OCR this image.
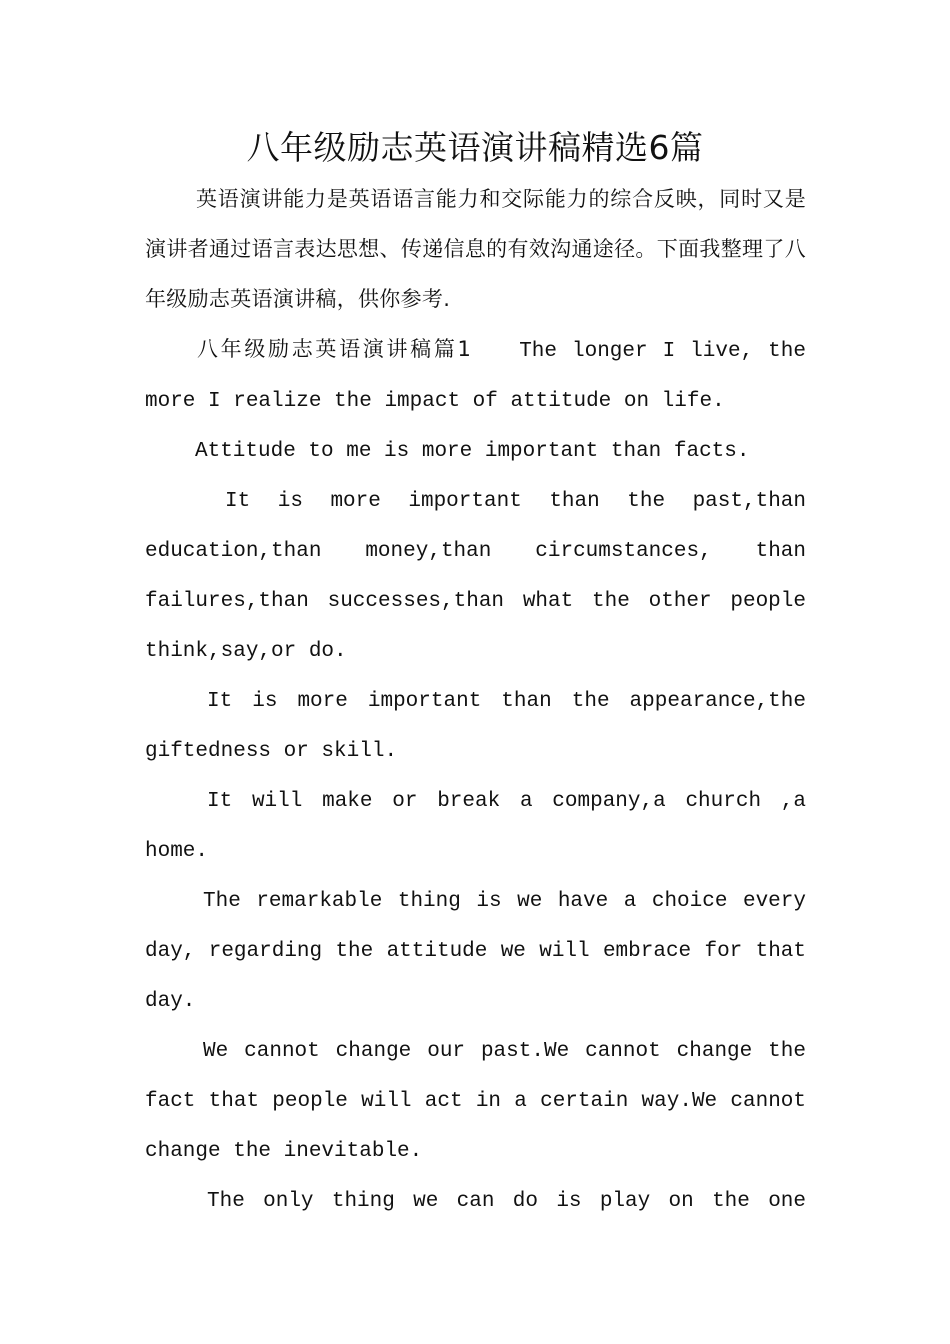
八年级励志英语演讲稿精选6篇

英语演讲能力是英语语言能力和交际能力的综合反映，同时又是演讲者通过语言表达思想、传递信息的有效沟通途径。下面我整理了八年级励志英语演讲稿，供你参考.

八年级励志英语演讲稿篇1 The longer I live, the more I realize the impact of attitude on life.

Attitude to me is more important than facts.

It is more important than the past,than education,than money,than circumstances, than failures,than successes,than what the other people think,say,or do.

It is more important than the appearance,the giftedness or skill.

It will make or break a company,a church ,a home.

The remarkable thing is we have a choice every day, regarding the attitude we will embrace for that day.

We cannot change our past.We cannot change the fact that people will act in a certain way.We cannot change the inevitable.

The only thing we can do is play on the one
